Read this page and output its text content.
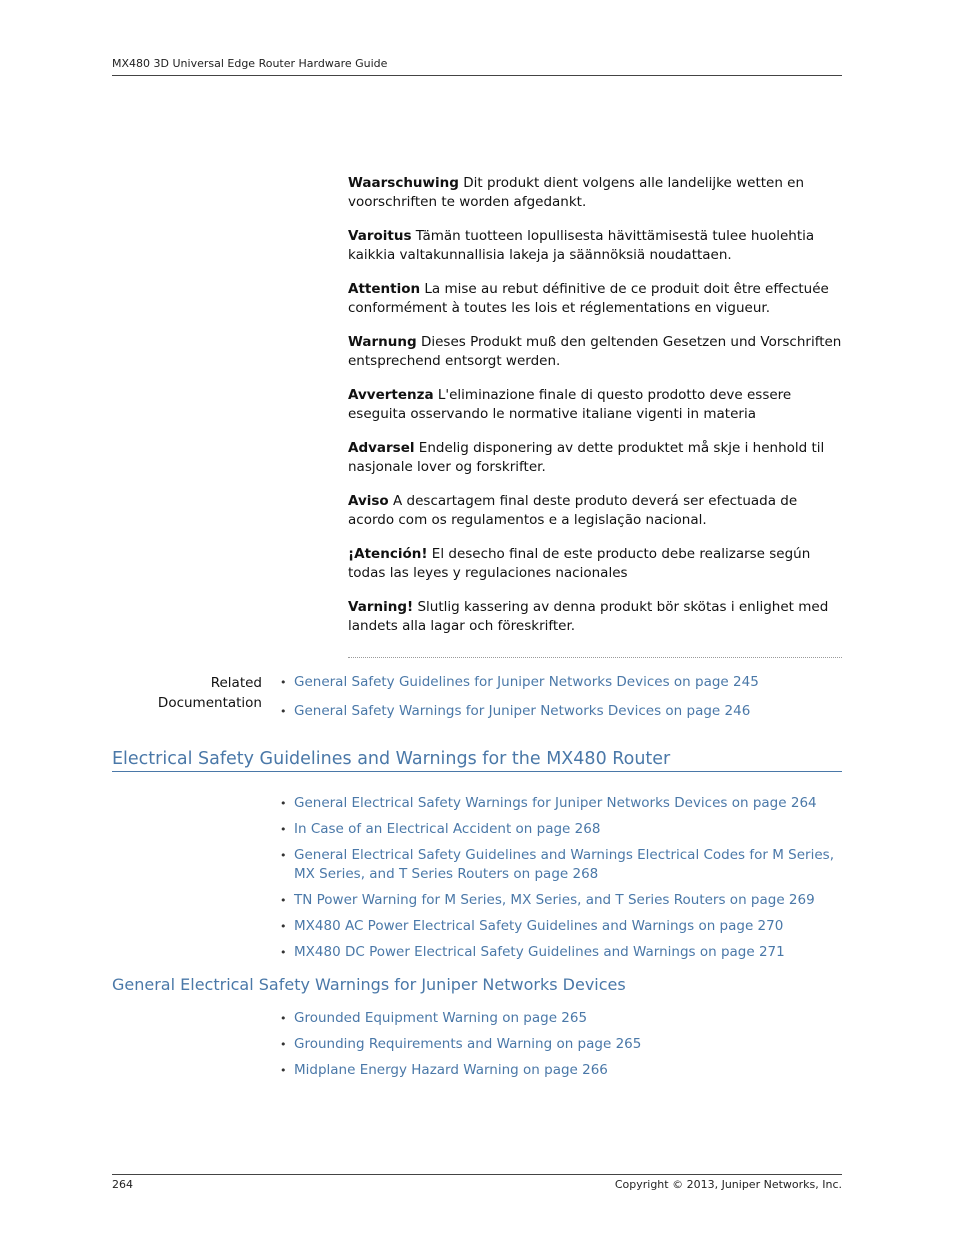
MX480 3D Universal Edge Router Hardware Guide

Waarschuwing Dit produkt dient volgens alle landelijke wetten en voorschriften te worden afgedankt.

Varoitus Tämän tuotteen lopullisesta hävittämisestä tulee huolehtia kaikkia valtakunnallisia lakeja ja säännöksiä noudattaen.

Attention La mise au rebut définitive de ce produit doit être effectuée conformément à toutes les lois et réglementations en vigueur.

Warnung Dieses Produkt muß den geltenden Gesetzen und Vorschriften entsprechend entsorgt werden.

Avvertenza L'eliminazione finale di questo prodotto deve essere eseguita osservando le normative italiane vigenti in materia

Advarsel Endelig disponering av dette produktet må skje i henhold til nasjonale lover og forskrifter.

Aviso A descartagem final deste produto deverá ser efectuada de acordo com os regulamentos e a legislação nacional.

¡Atención! El desecho final de este producto debe realizarse según todas las leyes y regulaciones nacionales

Varning! Slutlig kassering av denna produkt bör skötas i enlighet med landets alla lagar och föreskrifter.

Related
Documentation
• General Safety Guidelines for Juniper Networks Devices on page 245
• General Safety Warnings for Juniper Networks Devices on page 246
Electrical Safety Guidelines and Warnings for the MX480 Router
• General Electrical Safety Warnings for Juniper Networks Devices on page 264
• In Case of an Electrical Accident on page 268
• General Electrical Safety Guidelines and Warnings Electrical Codes for M Series, MX Series, and T Series Routers on page 268
• TN Power Warning for M Series, MX Series, and T Series Routers on page 269
• MX480 AC Power Electrical Safety Guidelines and Warnings on page 270
• MX480 DC Power Electrical Safety Guidelines and Warnings on page 271
General Electrical Safety Warnings for Juniper Networks Devices
• Grounded Equipment Warning on page 265
• Grounding Requirements and Warning on page 265
• Midplane Energy Hazard Warning on page 266
264	Copyright © 2013, Juniper Networks, Inc.
